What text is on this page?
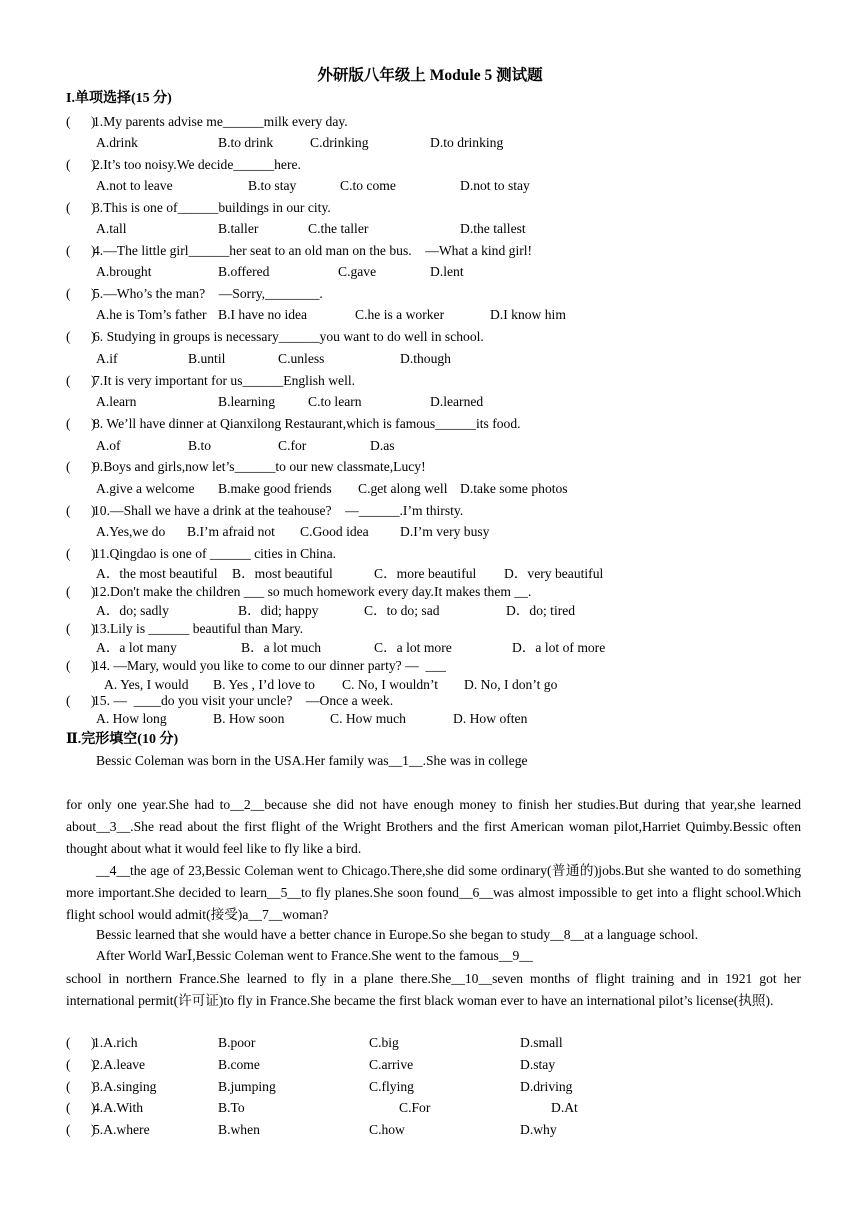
外研版八年级上 Module 5 测试题
I.单项选择(15 分)
(      )
1.My parents advise me______milk every day.
A.drink	B.to drink	C.drinking	D.to drinking
(      )
2.It’s too noisy.We decide______here.
A.not to leave	B.to stay	C.to come	D.not to stay
(      )
3.This is one of______buildings in our city.
A.tall	B.taller	C.the taller	D.the tallest
(      )
4.—The little girl______her seat to an old man on the bus.    —What a kind girl!
A.brought	B.offered	C.gave	D.lent
(      )
5.—Who’s the man?    —Sorry,________.
A.he is Tom’s father B.I have no idea	C.he is a worker	D.I know him
(      )
6. Studying in groups is necessary______you want to do well in school.
A.if	B.until	C.unless	D.though
(      )
7.It is very important for us______English well.
A.learn	B.learning C.to learn	D.learned
(      )
8. We’ll have dinner at Qianxilong Restaurant,which is famous______its food.
A.of	B.to	C.for	D.as
(      )
9.Boys and girls,now let’s______to our new classmate,Lucy!
A.give a welcome B.make good friends C.get along well D.take some photos
(      )
10.—Shall we have a drink at the teahouse?    —______.I’m thirsty.
A.Yes,we do B.I’m afraid not C.Good idea D.I’m very busy
(      )
11.Qingdao is one of ______ cities in China.
A．the most beautiful B．most beautiful	C．more beautiful D．very beautiful
(      )
12.Don't make the children ___ so much homework every day.It makes them __.
A．do; sadly	B．did; happy	C．to do; sad	D．do; tired
(      )
13.Lily is ______ beautiful than Mary.
A．a lot many	B．a lot much	C．a lot more	D．a lot of more
(      )
14. —Mary, would you like to come to our dinner party? —  ___
A. Yes, I would B. Yes , I’d love to C. No, I wouldn’t D. No, I don’t go
(      )
15. —  ____do you visit your uncle?    —Once a week.
A. How long	B. How soon	C. How much	D. How often
Ⅱ.完形填空(10 分)
Bessic Coleman was born in the USA.Her family was__1__.She was in college
for only one year.She had to__2__because she did not have enough money to finish her studies.But during that year,she learned about__3__.She read about the first flight of the Wright Brothers and the first American woman pilot,Harriet Quimby.Bessic often thought about what it would feel like to fly like a bird.
__4__the age of 23,Bessic Coleman went to Chicago.There,she did some ordinary(普通的)jobs.But she wanted to do something more important.She decided to learn__5__to fly planes.She soon found__6__was almost impossible to get into a flight school.Which flight school would admit(接受)a__7__woman?
Bessic learned that she would have a better chance in Europe.So she began to study__8__at a language school.
After World WarⅠ,Bessic Coleman went to France.She went to the famous__9__
school in northern France.She learned to fly in a plane there.She__10__seven months of flight training and in 1921 got her international permit(许可证)to fly in France.She became the first black woman ever to have an international pilot’s license(执照).
(      )
1.A.rich	B.poor	C.big	D.small
(      )
2.A.leave	B.come	C.arrive	D.stay
(      )
3.A.singing	B.jumping	C.flying	D.driving
(      )
4.A.With	B.To	C.For	D.At
(      )
5.A.where	B.when	C.how	D.why
